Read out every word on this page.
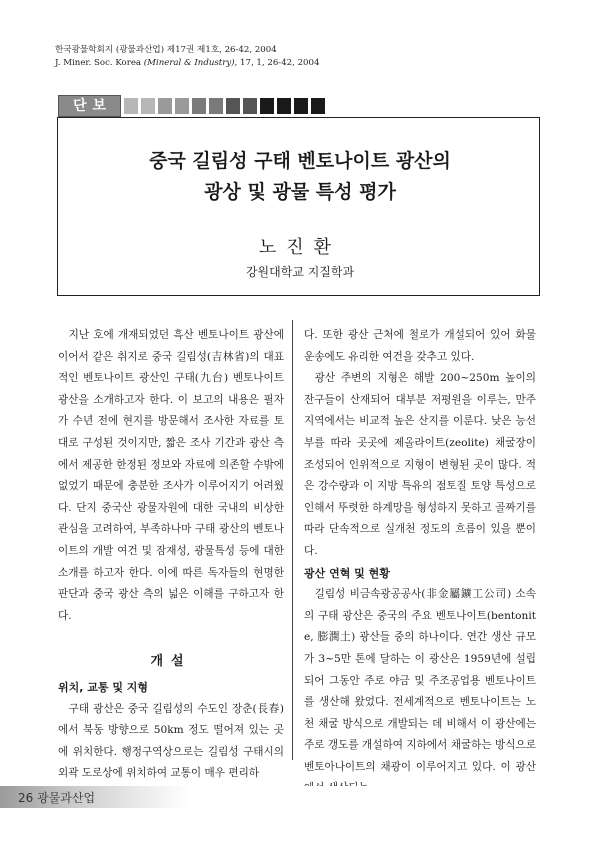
한국광물학회지 (광물과산업) 제17권 제1호, 26-42, 2004
J. Miner. Soc. Korea (Mineral & Industry), 17, 1, 26-42, 2004
단보
중국 길림성 구태 벤토나이트 광산의
광상 및 광물 특성 평가
노진환
강원대학교 지질학과

지난 호에 개재되었던 흑산 벤토나이트 광산에 이어서 같은 취지로 중국 길림성(吉林省)의 대표적인 벤토나이트 광산인 구태(九台) 벤토나이트 광산을 소개하고자 한다. 이 보고의 내용은 필자가 수년 전에 현지를 방문해서 조사한 자료를 토대로 구성된 것이지만, 짧은 조사 기간과 광산 측에서 제공한 한정된 정보와 자료에 의존할 수밖에 없었기 때문에 충분한 조사가 이루어지기 어려웠다. 단지 중국산 광물자원에 대한 국내의 비상한 관심을 고려하여, 부족하나마 구태 광산의 벤토나이트의 개발 여건 및 잠재성, 광물특성 등에 대한 소개를 하고자 한다. 이에 따른 독자들의 현명한 판단과 중국 광산 측의 넓은 이해를 구하고자 한다.

개설

위치, 교통 및 지형

구태 광산은 중국 길림성의 수도인 장춘(長春)에서 북동 방향으로 50km 정도 떨어져 있는 곳에 위치한다. 행정구역상으로는 길림성 구태시의 외곽 도로상에 위치하여 교통이 매우 편리하

다. 또한 광산 근처에 철로가 개설되어 있어 화물 운송에도 유리한 여건을 갖추고 있다.

광산 주변의 지형은 해발 200~250m 높이의 잔구들이 산재되어 대부분 저평원을 이루는, 만주 지역에서는 비교적 높은 산지를 이룬다. 낮은 능선부를 따라 곳곳에 제올라이트(zeolite) 채굴장이 조성되어 인위적으로 지형이 변형된 곳이 많다. 적은 강수량과 이 지방 특유의 점토질 토양 특성으로 인해서 뚜렷한 하계망을 형성하지 못하고 골짜기를 따라 단속적으로 실개천 정도의 흐름이 있을 뿐이다.

광산 연혁 및 현황

길림성 비금속광공공사(非金屬鑛工公司) 소속의 구태 광산은 중국의 주요 벤토나이트(bentonite, 膨潤土) 광산들 중의 하나이다. 연간 생산 규모가 3~5만 톤에 달하는 이 광산은 1959년에 설립되어 그동안 주로 야금 및 주조공업용 벤토나이트를 생산해 왔었다. 전세계적으로 벤토나이트는 노천 채굴 방식으로 개발되는 데 비해서 이 광산에는 주로 갱도를 개설하여 지하에서 채굴하는 방식으로 벤토아나이트의 채광이 이루어지고 있다. 이 광산

26 광물과산업
